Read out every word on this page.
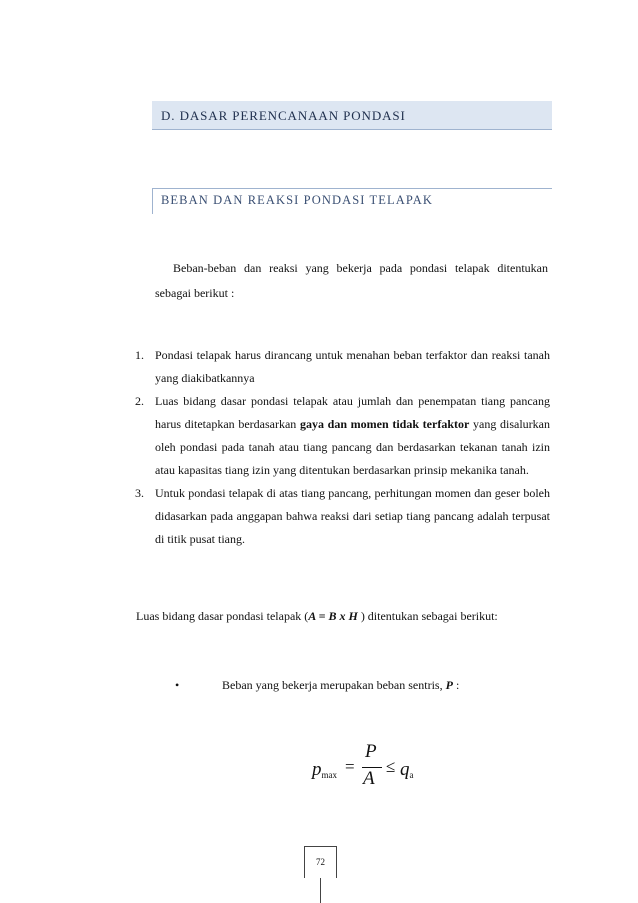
D. DASAR PERENCANAAN PONDASI
BEBAN DAN REAKSI PONDASI TELAPAK

Beban-beban dan reaksi yang bekerja pada pondasi telapak ditentukan sebagai berikut :

1. Pondasi telapak harus dirancang untuk menahan beban terfaktor dan reaksi tanah yang diakibatkannya
2. Luas bidang dasar pondasi telapak atau jumlah dan penempatan tiang pancang harus ditetapkan berdasarkan gaya dan momen tidak terfaktor yang disalurkan oleh pondasi pada tanah atau tiang pancang dan berdasarkan tekanan tanah izin atau kapasitas tiang izin yang ditentukan berdasarkan prinsip mekanika tanah.
3. Untuk pondasi telapak di atas tiang pancang, perhitungan momen dan geser boleh didasarkan pada anggapan bahwa reaksi dari setiap tiang pancang adalah terpusat di titik pusat tiang.

Luas bidang dasar pondasi telapak (A = B x H ) ditentukan sebagai berikut:

•	Beban yang bekerja merupakan beban sentris, P :
pmax =
P
A
≤ qa
72
